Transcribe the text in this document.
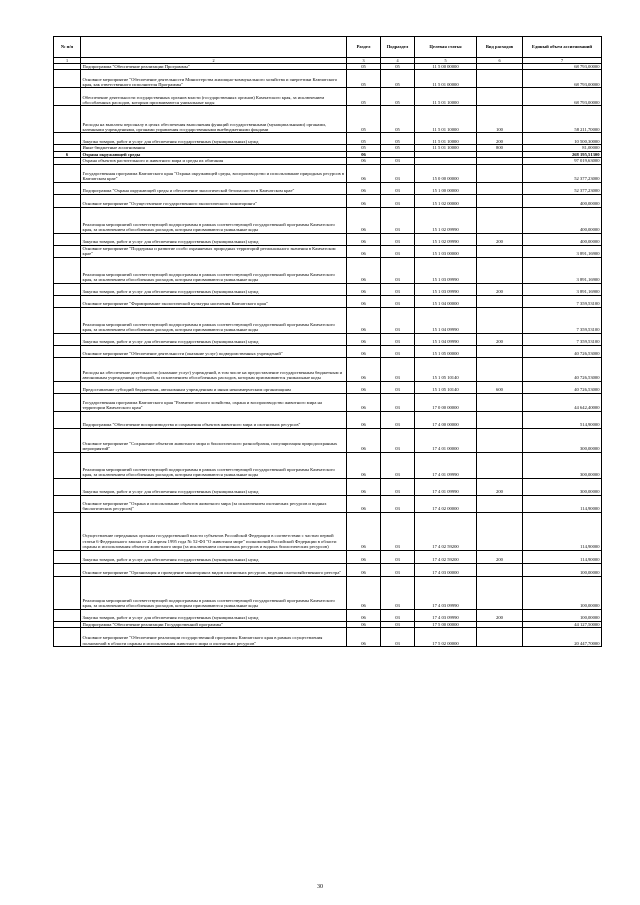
№ п/п		Раздел	Подраздел	Целевая статья	Вид расходов	Единый объем ассигнований
1	2	3	4	5	6	7
	Подпрограмма "Обеспечение реализации Программы"	05	05	11 5 00 00000		68 793,00000
	Основное мероприятие "Обеспечение деятельности Министерства жилищно-коммунального хозяйства и энергетики Камчатского края, как ответственного исполнителя Программы"	05	05	11 5 01 00000		68 793,00000
	Обеспечение деятельности государственных органов власти (государственных органов) Камчатского края, за исключением обособленных расходов, которым присваиваются уникальные коды	05	05	11 5 01 10000		68 793,00000
	Расходы на выплаты персоналу в целях обеспечения выполнения функций государственными (муниципальными) органами, казенными учреждениями, органами управления государственными внебюджетными фондами	05	05	11 5 01 10000	100	58 211,70000
	Закупка товаров, работ и услуг для обеспечения государственных (муниципальных) нужд	05	05	11 5 01 10000	200	10 500,30000
	Иные бюджетные ассигнования	05	05	11 5 01 10000	800	81,00000
6	Охрана окружающей среды	06				268 195,51300
	Охрана объектов растительного и животного мира и среды их обитания	06	03			97 019,63000
	Государственная программа Камчатского края "Охрана окружающей среды, воспроизводство и использование природных ресурсов в Камчатском крае"	06	03	15 0 00 00000		52 377,23000
	Подпрограмма "Охрана окружающей среды и обеспечение экологической безопасности в Камчатском крае"	06	03	15 1 00 00000		52 377,23000
	Основное мероприятие "Осуществление государственного экологического мониторинга"	06	03	15 1 02 00000		400,00000
	Реализация мероприятий соответствующей подпрограммы в рамках соответствующей государственной программы Камчатского края, за исключением обособленных расходов, которым присваиваются уникальные коды	06	03	15 1 02 09990		400,00000
	Закупка товаров, работ и услуг для обеспечения государственных (муниципальных) нужд	06	03	15 1 02 09990	200	400,00000
	Основное мероприятие "Поддержка и развитие особо охраняемых природных территорий регионального значения в Камчатском крае"	06	03	15 1 03 00000		3 891,16900
	Реализация мероприятий соответствующей подпрограммы в рамках соответствующей государственной программы Камчатского края, за исключением обособленных расходов, которым присваиваются уникальные коды	06	03	15 1 03 09990		3 891,16900
	Закупка товаров, работ и услуг для обеспечения государственных (муниципальных) нужд	06	03	15 1 03 09990	200	3 891,16900
	Основное мероприятие "Формирование экологической культуры населения Камчатского края"	06	03	15 1 04 00000		7 359,53100
	Реализация мероприятий соответствующей подпрограммы в рамках соответствующей государственной программы Камчатского края, за исключением обособленных расходов, которым присваиваются уникальные коды	06	03	15 1 04 09990		7 359,53100
	Закупка товаров, работ и услуг для обеспечения государственных (муниципальных) нужд	06	03	15 1 04 09990	200	7 359,53100
	Основное мероприятие "Обеспечение деятельности (оказание услуг) подведомственных учреждений"	06	03	15 1 05 00000		40 726,53000
	Расходы на обеспечение деятельности (оказание услуг) учреждений, в том числе на предоставление государственным бюджетным и автономным учреждениям субсидий, за исключением обособленных расходов, которым присваиваются уникальные коды	06	03	15 1 05 10140		40 726,53000
	Предоставление субсидий бюджетным, автономным учреждениям и иным некоммерческим организациям	06	03	15 1 05 10140	600	40 726,53000
	Государственная программа Камчатского края "Развитие лесного хозяйства, охрана и воспроизводство животного мира на территории Камчатского края"	06	03	17 0 00 00000		44 642,40000
	Подпрограмма "Обеспечение воспроизводства и сохранения объектов животного мира и охотничьих ресурсов"	06	03	17 4 00 00000		514,90000
	Основное мероприятие "Сохранение объектов животного мира и биологического разнообразия, популяризация природоохранных мероприятий"	06	03	17 4 01 00000		300,00000
	Реализация мероприятий соответствующей подпрограммы в рамках соответствующей государственной программы Камчатского края, за исключением обособленных расходов, которым присваиваются уникальные коды	06	03	17 4 01 09990		300,00000
	Закупка товаров, работ и услуг для обеспечения государственных (муниципальных) нужд	06	03	17 4 01 09990	200	300,00000
	Основное мероприятие "Охрана и использование объектов животного мира (за исключением охотничьих ресурсов и водных биологических ресурсов)"	06	03	17 4 02 00000		114,90000
	Осуществление переданных органам государственной власти субъектов Российской Федерации в соответствии с частью первой статьи 6 Федерального закона от 24 апреля 1995 года № 52-ФЗ "О животном мире" полномочий Российской Федерации в области охраны и использования объектов животного мира (за исключением охотничьих ресурсов и водных биологических ресурсов)	06	03	17 4 02 59200		114,90000
	Закупка товаров, работ и услуг для обеспечения государственных (муниципальных) нужд	06	03	17 4 02 59200	200	114,90000
	Основное мероприятие "Организация и проведение мониторинга видов охотничьих ресурсов, ведения охотхозяйственного реестра"	06	03	17 4 03 00000		100,00000
	Реализация мероприятий соответствующей подпрограммы в рамках соответствующей государственной программы Камчатского края, за исключением обособленных расходов, которым присваиваются уникальные коды	06	03	17 4 03 09990		100,00000
	Закупка товаров, работ и услуг для обеспечения государственных (муниципальных) нужд	06	03	17 4 03 09990	200	100,00000
	Подпрограмма "Обеспечение реализации Государственной программы"	06	03	17 5 00 00000		44 127,50000
	Основное мероприятие "Обеспечение реализации государственной программы Камчатского края в рамках осуществления полномочий в области охраны и использования животного мира и охотничьих ресурсов"	06	03	17 5 02 00000		20 447,70000
30
